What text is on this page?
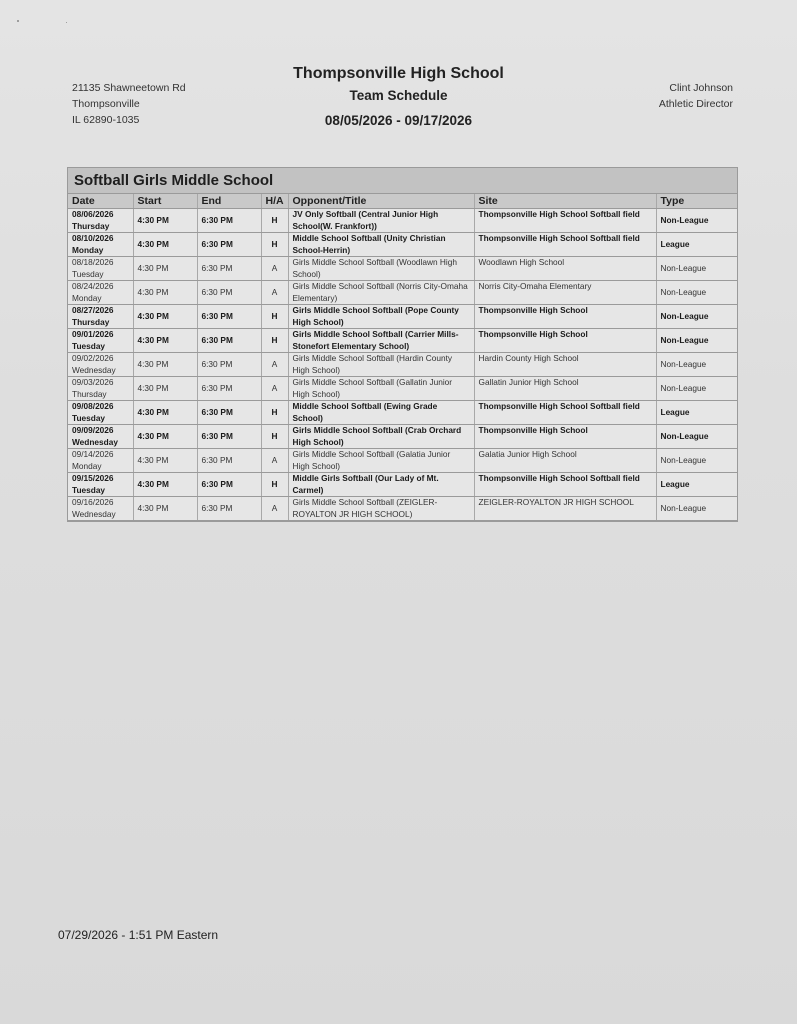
21135 Shawneetown Rd
Thompsonville
IL 62890-1035
Thompsonville High School
Team Schedule
08/05/2026 - 09/17/2026
Clint Johnson
Athletic Director
Softball Girls Middle School
Date	Start	End	H/A	Opponent/Title	Site	Type
08/06/2026
Thursday	4:30 PM	6:30 PM	H	JV Only Softball (Central Junior High School(W. Frankfort))	Thompsonville High School Softball field	Non-League
08/10/2026
Monday	4:30 PM	6:30 PM	H	Middle School Softball (Unity Christian School-Herrin)	Thompsonville High School Softball field	League
08/18/2026
Tuesday	4:30 PM	6:30 PM	A	Girls Middle School Softball (Woodlawn High School)	Woodlawn High School	Non-League
08/24/2026
Monday	4:30 PM	6:30 PM	A	Girls Middle School Softball (Norris City-Omaha Elementary)	Norris City-Omaha Elementary	Non-League
08/27/2026
Thursday	4:30 PM	6:30 PM	H	Girls Middle School Softball (Pope County High School)	Thompsonville High School	Non-League
09/01/2026
Tuesday	4:30 PM	6:30 PM	H	Girls Middle School Softball (Carrier Mills-Stonefort Elementary School)	Thompsonville High School	Non-League
09/02/2026
Wednesday	4:30 PM	6:30 PM	A	Girls Middle School Softball (Hardin County High School)	Hardin County High School	Non-League
09/03/2026
Thursday	4:30 PM	6:30 PM	A	Girls Middle School Softball (Gallatin Junior High School)	Gallatin Junior High School	Non-League
09/08/2026
Tuesday	4:30 PM	6:30 PM	H	Middle School Softball (Ewing Grade School)	Thompsonville High School Softball field	League
09/09/2026
Wednesday	4:30 PM	6:30 PM	H	Girls Middle School Softball (Crab Orchard High School)	Thompsonville High School	Non-League
09/14/2026
Monday	4:30 PM	6:30 PM	A	Girls Middle School Softball (Galatia Junior High School)	Galatia Junior High School	Non-League
09/15/2026
Tuesday	4:30 PM	6:30 PM	H	Middle Girls Softball (Our Lady of Mt. Carmel)	Thompsonville High School Softball field	League
09/16/2026
Wednesday	4:30 PM	6:30 PM	A	Girls Middle School Softball (ZEIGLER-ROYALTON JR HIGH SCHOOL)	ZEIGLER-ROYALTON JR HIGH SCHOOL	Non-League
07/29/2026 - 1:51 PM Eastern
